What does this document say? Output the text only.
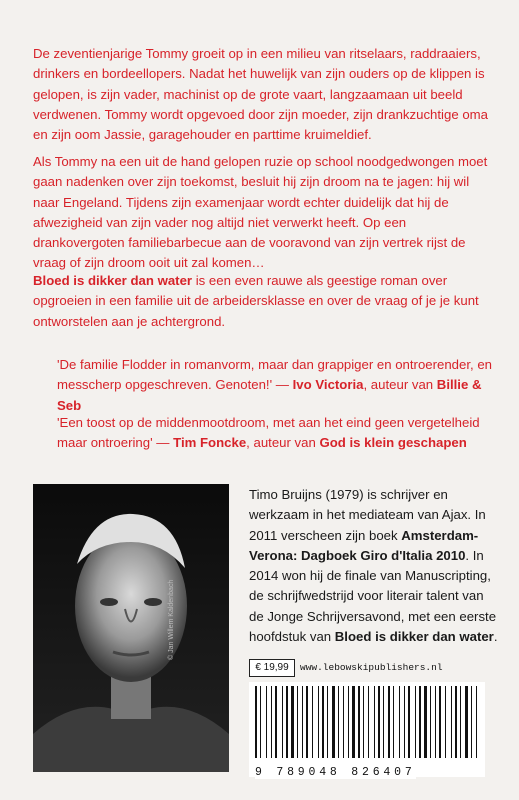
De zeventienjarige Tommy groeit op in een milieu van ritselaars, raddraaiers, drinkers en bordeellopers. Nadat het huwelijk van zijn ouders op de klippen is gelopen, is zijn vader, machinist op de grote vaart, langzaamaan uit beeld verdwenen. Tommy wordt opgevoed door zijn moeder, zijn drankzuchtige oma en zijn oom Jassie, garagehouder en parttime kruimeldief.

Als Tommy na een uit de hand gelopen ruzie op school noodgedwongen moet gaan nadenken over zijn toekomst, besluit hij zijn droom na te jagen: hij wil naar Engeland. Tijdens zijn examenjaar wordt echter duidelijk dat hij de afwezigheid van zijn vader nog altijd niet verwerkt heeft. Op een drankovergoten familiebarbecue aan de vooravond van zijn vertrek rijst de vraag of zijn droom ooit uit zal komen…

Bloed is dikker dan water is een even rauwe als geestige roman over opgroeien in een familie uit de arbeidersklasse en over de vraag of je je kunt ontworstelen aan je achtergrond.

'De familie Flodder in romanvorm, maar dan grappiger en ontroerender, en messcherp opgeschreven. Genoten!' — Ivo Victoria, auteur van Billie & Seb

'Een toost op de middenmootdroom, met aan het eind geen vergetelheid maar ontroering' — Tim Foncke, auteur van God is klein geschapen

© Jan Willem Kaldenbach

Timo Bruijns (1979) is schrijver en werkzaam in het mediateam van Ajax. In 2011 verscheen zijn boek Amsterdam-Verona: Dagboek Giro d'Italia 2010. In 2014 won hij de finale van Manuscripting, de schrijfwedstrijd voor literair talent van de Jonge Schrijversavond, met een eerste hoofdstuk van Bloed is dikker dan water.

€ 19,99	www.lebowskipublishers.nl
9 789048 826407
